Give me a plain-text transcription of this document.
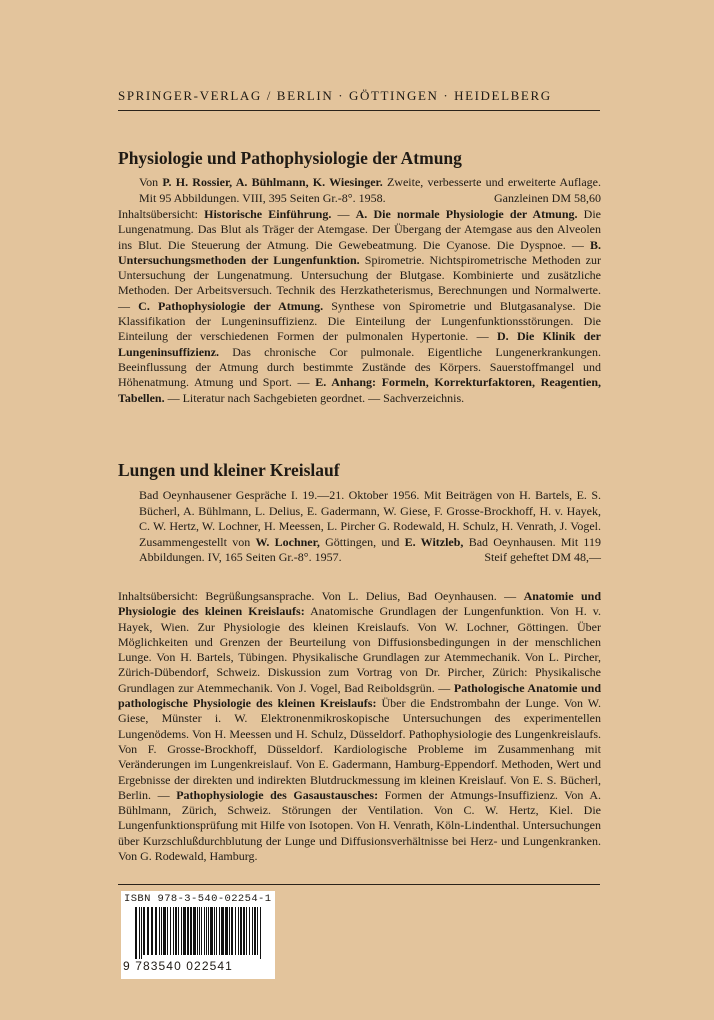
SPRINGER-VERLAG / BERLIN · GÖTTINGEN · HEIDELBERG
Physiologie und Pathophysiologie der Atmung
Von P. H. Rossier, A. Bühlmann, K. Wiesinger. Zweite, verbesserte und erweiterte Auflage. Mit 95 Abbildungen. VIII, 395 Seiten Gr.-8°. 1958.	Ganzleinen DM 58,60
Inhaltsübersicht: Historische Einführung. — A. Die normale Physiologie der Atmung. Die Lungenatmung. Das Blut als Träger der Atemgase. Der Übergang der Atemgase aus den Alveolen ins Blut. Die Steuerung der Atmung. Die Gewebeatmung. Die Cyanose. Die Dyspnoe. — B. Untersuchungsmethoden der Lungenfunktion. Spirometrie. Nichtspirometrische Methoden zur Untersuchung der Lungenatmung. Untersuchung der Blutgase. Kombinierte und zusätzliche Methoden. Der Arbeitsversuch. Technik des Herzkatheterismus, Berechnungen und Normalwerte. — C. Pathophysiologie der Atmung. Synthese von Spirometrie und Blutgasanalyse. Die Klassifikation der Lungeninsuffizienz. Die Einteilung der Lungenfunktionsstörungen. Die Einteilung der verschiedenen Formen der pulmonalen Hypertonie. — D. Die Klinik der Lungeninsuffizienz. Das chronische Cor pulmonale. Eigentliche Lungenerkrankungen. Beeinflussung der Atmung durch bestimmte Zustände des Körpers. Sauerstoffmangel und Höhenatmung. Atmung und Sport. — E. Anhang: Formeln, Korrekturfaktoren, Reagentien, Tabellen. — Literatur nach Sachgebieten geordnet. — Sachverzeichnis.
Lungen und kleiner Kreislauf
Bad Oeynhausener Gespräche I. 19.—21. Oktober 1956. Mit Beiträgen von H. Bartels, E. S. Bücherl, A. Bühlmann, L. Delius, E. Gadermann, W. Giese, F. Grosse-Brockhoff, H. v. Hayek, C. W. Hertz, W. Lochner, H. Meessen, L. Pircher G. Rodewald, H. Schulz, H. Venrath, J. Vogel. Zusammengestellt von W. Lochner, Göttingen, und E. Witzleb, Bad Oeynhausen. Mit 119 Abbildungen. IV, 165 Seiten Gr.-8°. 1957.	Steif geheftet DM 48,—
Inhaltsübersicht: Begrüßungsansprache. Von L. Delius, Bad Oeynhausen. — Anatomie und Physiologie des kleinen Kreislaufs: Anatomische Grundlagen der Lungenfunktion. Von H. v. Hayek, Wien. Zur Physiologie des kleinen Kreislaufs. Von W. Lochner, Göttingen. Über Möglichkeiten und Grenzen der Beurteilung von Diffusionsbedingungen in der menschlichen Lunge. Von H. Bartels, Tübingen. Physikalische Grundlagen zur Atemmechanik. Von L. Pircher, Zürich-Dübendorf, Schweiz. Diskussion zum Vortrag von Dr. Pircher, Zürich: Physikalische Grundlagen zur Atemmechanik. Von J. Vogel, Bad Reiboldsgrün. — Pathologische Anatomie und pathologische Physiologie des kleinen Kreislaufs: Über die Endstrombahn der Lunge. Von W. Giese, Münster i. W. Elektronenmikroskopische Untersuchungen des experimentellen Lungenödems. Von H. Meessen und H. Schulz, Düsseldorf. Pathophysiologie des Lungenkreislaufs. Von F. Grosse-Brockhoff, Düsseldorf. Kardiologische Probleme im Zusammenhang mit Veränderungen im Lungenkreislauf. Von E. Gadermann, Hamburg-Eppendorf. Methoden, Wert und Ergebnisse der direkten und indirekten Blutdruckmessung im kleinen Kreislauf. Von E. S. Bücherl, Berlin. — Pathophysiologie des Gasaustausches: Formen der Atmungs-Insuffizienz. Von A. Bühlmann, Zürich, Schweiz. Störungen der Ventilation. Von C. W. Hertz, Kiel. Die Lungenfunktionsprüfung mit Hilfe von Isotopen. Von H. Venrath, Köln-Lindenthal. Untersuchungen über Kurzschlußdurchblutung der Lunge und Diffusionsverhältnisse bei Herz- und Lungenkranken. Von G. Rodewald, Hamburg.
ISBN 978-3-540-02254-1
9 783540 022541
